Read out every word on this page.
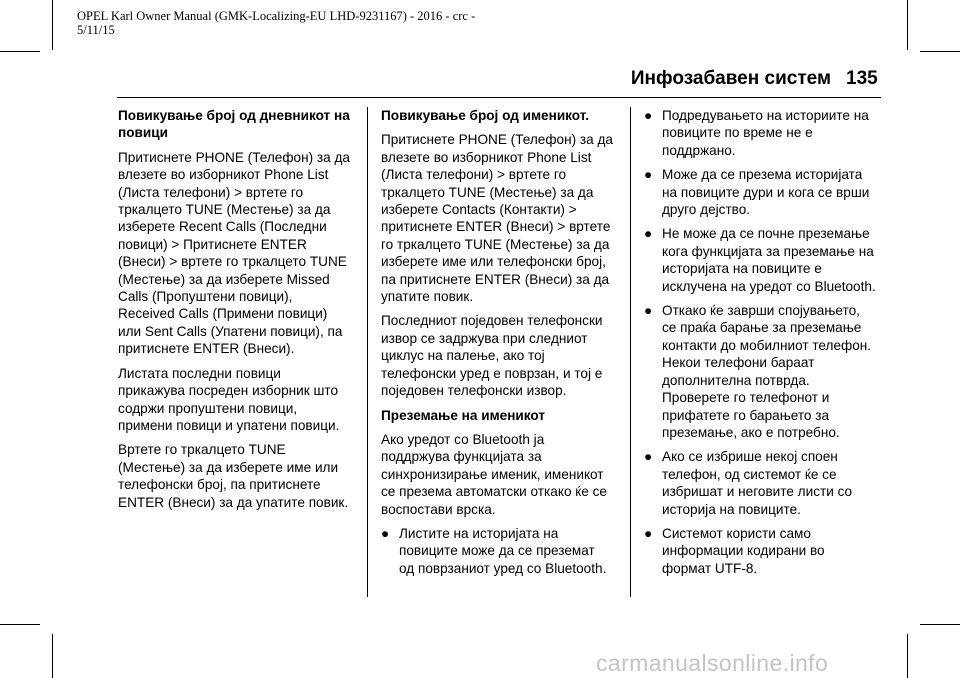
OPEL Karl Owner Manual (GMK-Localizing-EU LHD-9231167) - 2016 - crc -
5/11/15
Инфозабавен систем 135
Повикување број од дневникот на повици

Притиснете PHONE (Телефон) за да влезете во изборникот Phone List (Листа телефони) > вртете го тркалцето TUNE (Местење) за да изберете Recent Calls (Последни повици) > Притиснете ENTER (Внеси) > вртете го тркалцето TUNE (Местење) за да изберете Missed Calls (Пропуштени повици), Received Calls (Примени повици) или Sent Calls (Упатени повици), па притиснете ENTER (Внеси).

Листата последни повици прикажува посреден изборник што содржи пропуштени повици, примени повици и упатени повици.

Вртете го тркалцето TUNE (Местење) за да изберете име или телефонски број, па притиснете ENTER (Внеси) за да упатите повик.

Повикување број од именикот.

Притиснете PHONE (Телефон) за да влезете во изборникот Phone List (Листа телефони) > вртете го тркалцето TUNE (Местење) за да изберете Contacts (Контакти) > притиснете ENTER (Внеси) > вртете го тркалцето TUNE (Местење) за да изберете име или телефонски број, па притиснете ENTER (Внеси) за да упатите повик.

Последниот поједовен телефонски извор се задржува при следниот циклус на палење, ако тој телефонски уред е поврзан, и тој е поједовен телефонски извор.

Преземање на именикот

Ако уредот со Bluetooth ја поддржува функцијата за синхронизирање именик, именикот се презема автоматски откако ќе се воспостави врска.

● Листите на историјата на повиците може да се преземат од поврзаниот уред со Bluetooth.
● Подредувањето на историите на повиците по време не е поддржано.
● Може да се презема историјата на повиците дури и кога се врши друго дејство.
● Не може да се почне преземање кога функцијата за преземање на историјата на повиците е исклучена на уредот со Bluetooth.
● Откако ќе заврши спојувањето, се праќа барање за преземање контакти до мобилниот телефон. Некои телефони бараат дополнителна потврда. Проверете го телефонот и прифатете го барањето за преземање, ако е потребно.
● Ако се избрише некој споен телефон, од системот ќе се избришат и неговите листи со историја на повиците.
● Системот користи само информации кодирани во формат UTF-8.
carmanualsonline.info
